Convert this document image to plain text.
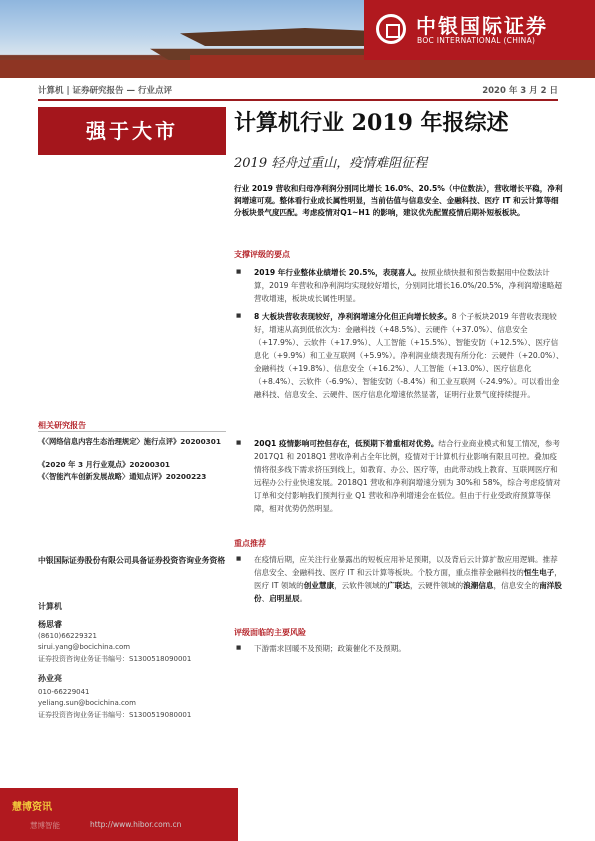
中银国际证券
BOC INTERNATIONAL (CHINA)
计算机 | 证券研究报告 — 行业点评	2020 年 3 月 2 日
强于大市	计算机行业 2019 年报综述
2019 轻舟过重山，疫情难阻征程
行业 2019 营收和归母净利润分别同比增长 16.0%、20.5%（中位数法），营收增长平稳，净利润增速可观。整体看行业成长属性明显，当前估值与信息安全、金融科技、医疗 IT 和云计算等细分板块景气度匹配。考虑疫情对Q1~H1 的影响，建议优先配置疫情后期补短板板块。
支撑评级的要点
■ 2019 年行业整体业绩增长 20.5%，表现喜人。按照业绩快报和预告数据用中位数法计算，2019 年营收和净利润均实现较好增长，分别同比增长16.0%/20.5%，净利润增速略超营收增速，板块成长属性明显。
■ 8 大板块营收表现较好，净利润增速分化但正向增长较多。8 个子板块2019 年营收表现较好，增速从高到低依次为：金融科技（+48.5%）、云硬件（+37.0%）、信息安全（+17.9%）、云软件（+17.9%）、人工智能（+15.5%）、智能安防（+12.5%）、医疗信息化（+9.9%）和工业互联网（+5.9%）。净利润业绩表现有所分化：云硬件（+20.0%）、金融科技（+19.8%）、信息安全（+16.2%）、人工智能（+13.0%）、医疗信息化（+8.4%）、云软件（-6.9%）、智能安防（-8.4%）和工业互联网（-24.9%）。可以看出金融科技、信息安全、云硬件、医疗信息化增速依然显著，证明行业景气度持续提升。
■ 20Q1 疫情影响可控但存在，低预期下着重相对优势。结合行业商业模式和复工情况，参考 2017Q1 和 2018Q1 营收净利占全年比例，疫情对于计算机行业影响有限且可控。叠加疫情将很多线下需求挤压到线上，如教育、办公、医疗等，由此带动线上教育、互联网医疗和远程办公行业快速发展。2018Q1 营收和净利润增速分别为 30%和 58%，综合考虑疫情对订单和交付影响我们预判行业 Q1 营收和净利增速会在低位。但由于行业受政府预算等保障，相对优势仍然明显。
重点推荐
■ 在疫情后期，应关注行业暴露出的短板应用补足预期，以及背后云计算扩散应用逻辑。推荐信息安全、金融科技、医疗 IT 和云计算等板块。个股方面，重点推荐金融科技的恒生电子，医疗 IT 领域的创业慧康，云软件领域的广联达，云硬件领域的浪潮信息，信息安全的南洋股份、启明星辰。
评级面临的主要风险
■ 下游需求回暖不及预期；政策催化不及预期。
相关研究报告
《〈网络信息内容生态治理规定〉施行点评》20200301
《2020 年 3 月行业观点》20200301
《〈智能汽车创新发展战略〉通知点评》20200223
中银国际证券股份有限公司具备证券投资咨询业务资格
计算机
杨思睿
(8610)66229321
sirui.yang@bocichina.com
证券投资咨询业务证书编号：S1300518090001
孙业亮
010-66229041
yeliang.sun@bocichina.com
证券投资咨询业务证书编号：S1300519080001
慧博资讯
慧博智能	http://www.hibor.com.cn
